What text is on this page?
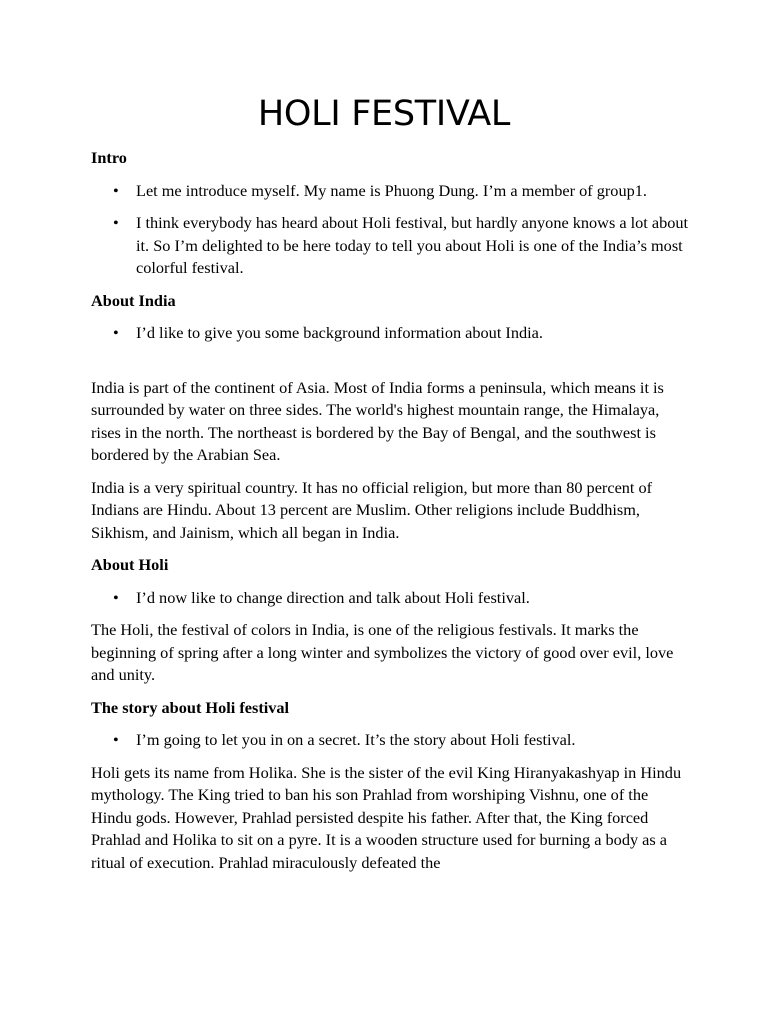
HOLI FESTIVAL
Intro
• Let me introduce myself. My name is Phuong Dung. I’m a member of group1.
• I think everybody has heard about Holi festival, but hardly anyone knows a lot about it. So I’m delighted to be here today to tell you about Holi is one of the India’s most colorful festival.
About India
• I’d like to give you some background information about India.

India is part of the continent of Asia. Most of India forms a peninsula, which means it is surrounded by water on three sides. The world's highest mountain range, the Himalaya, rises in the north. The northeast is bordered by the Bay of Bengal, and the southwest is bordered by the Arabian Sea.

India is a very spiritual country. It has no official religion, but more than 80 percent of Indians are Hindu. About 13 percent are Muslim. Other religions include Buddhism, Sikhism, and Jainism, which all began in India.

About Holi
• I’d now like to change direction and talk about Holi festival.

The Holi, the festival of colors in India, is one of the religious festivals. It marks the beginning of spring after a long winter and symbolizes the victory of good over evil, love and unity.

The story about Holi festival
• I’m going to let you in on a secret. It’s the story about Holi festival.

Holi gets its name from Holika. She is the sister of the evil King Hiranyakashyap in Hindu mythology. The King tried to ban his son Prahlad from worshiping Vishnu, one of the Hindu gods. However, Prahlad persisted despite his father. After that, the King forced Prahlad and Holika to sit on a pyre. It is a wooden structure used for burning a body as a ritual of execution. Prahlad miraculously defeated the
